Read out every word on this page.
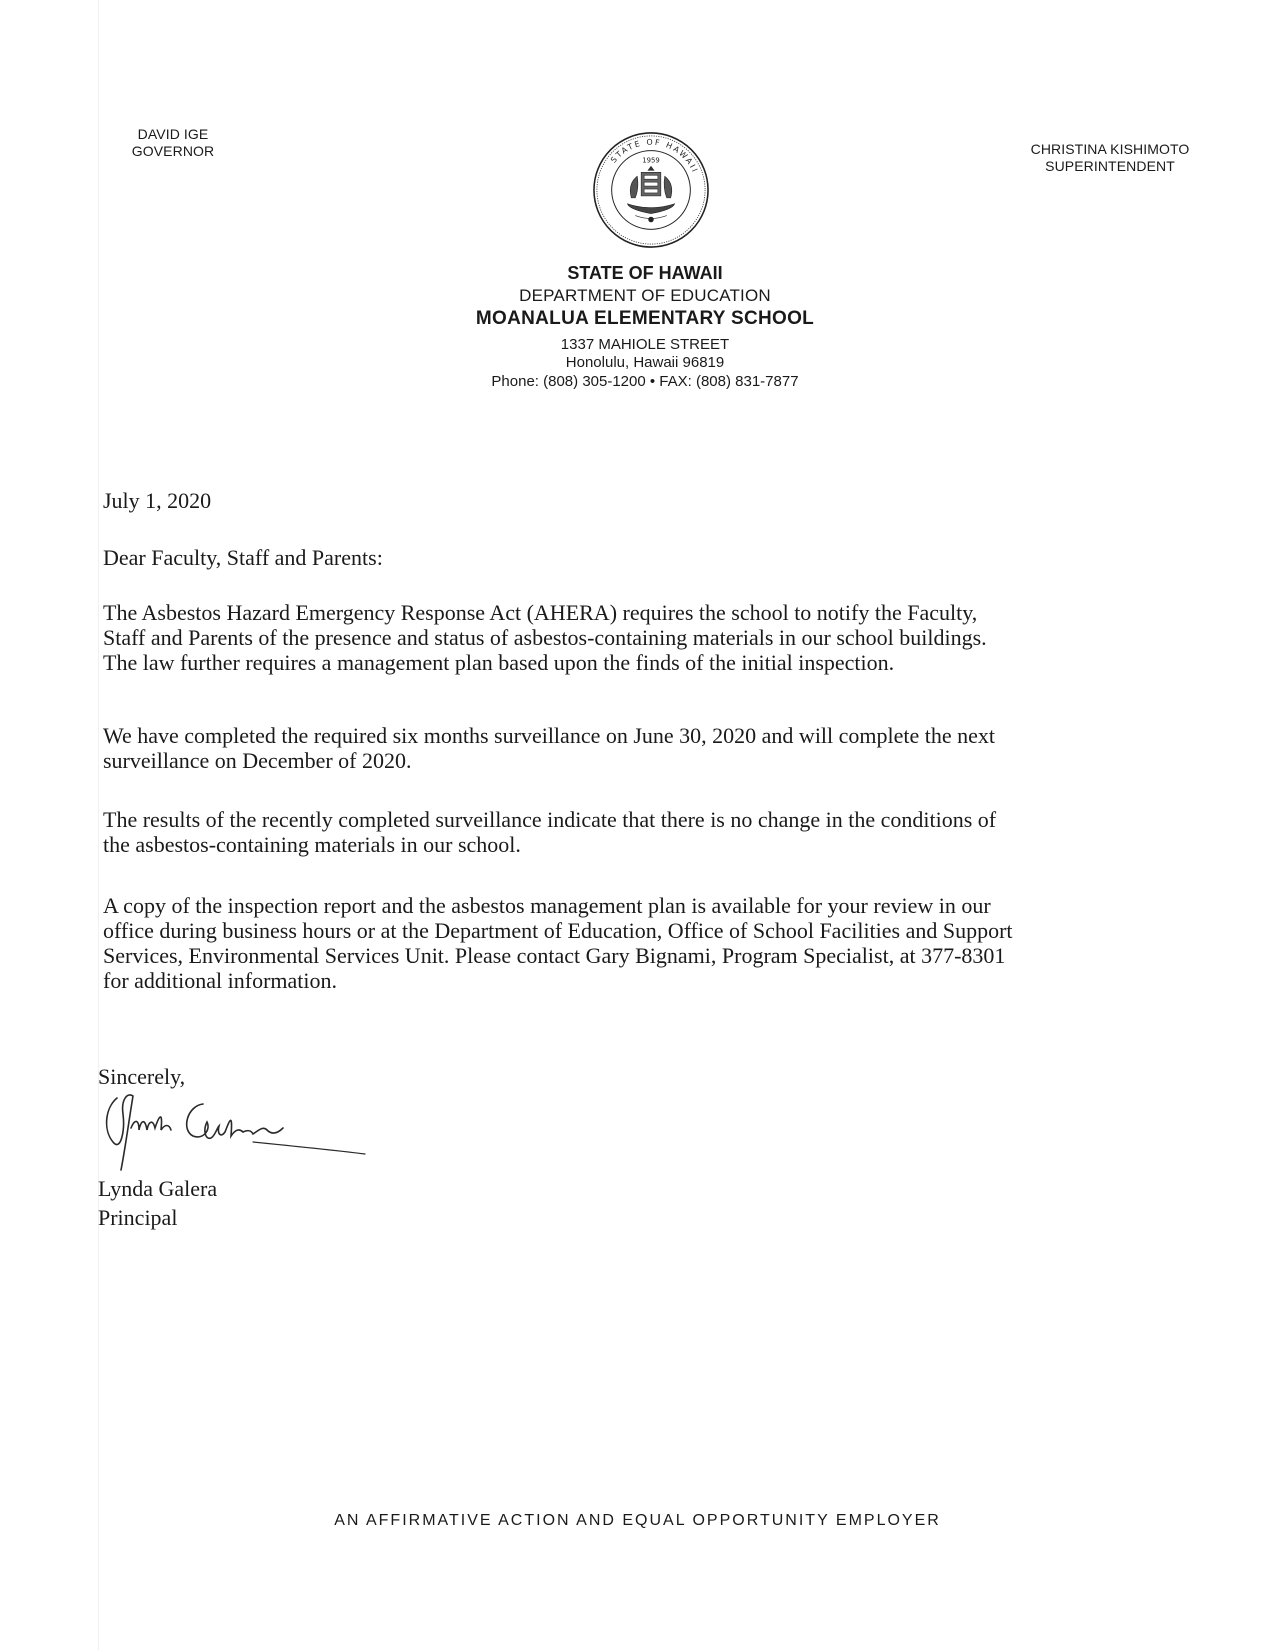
DAVID IGE
GOVERNOR	CHRISTINA KISHIMOTO
SUPERINTENDENT
STATE OF HAWAII
1959
STATE OF HAWAII
DEPARTMENT OF EDUCATION
MOANALUA ELEMENTARY SCHOOL
1337 MAHIOLE STREET
Honolulu, Hawaii 96819
Phone: (808) 305-1200 • FAX: (808) 831-7877
July 1, 2020
Dear Faculty, Staff and Parents:
The Asbestos Hazard Emergency Response Act (AHERA) requires the school to notify the Faculty,
Staff and Parents of the presence and status of asbestos-containing materials in our school buildings.
The law further requires a management plan based upon the finds of the initial inspection.
We have completed the required six months surveillance on June 30, 2020 and will complete the next
surveillance on December of 2020.
The results of the recently completed surveillance indicate that there is no change in the conditions of
the asbestos-containing materials in our school.
A copy of the inspection report and the asbestos management plan is available for your review in our
office during business hours or at the Department of Education, Office of School Facilities and Support
Services, Environmental Services Unit. Please contact Gary Bignami, Program Specialist, at 377-8301
for additional information.
Sincerely,
Lynda Galera
Principal
AN AFFIRMATIVE ACTION AND EQUAL OPPORTUNITY EMPLOYER
